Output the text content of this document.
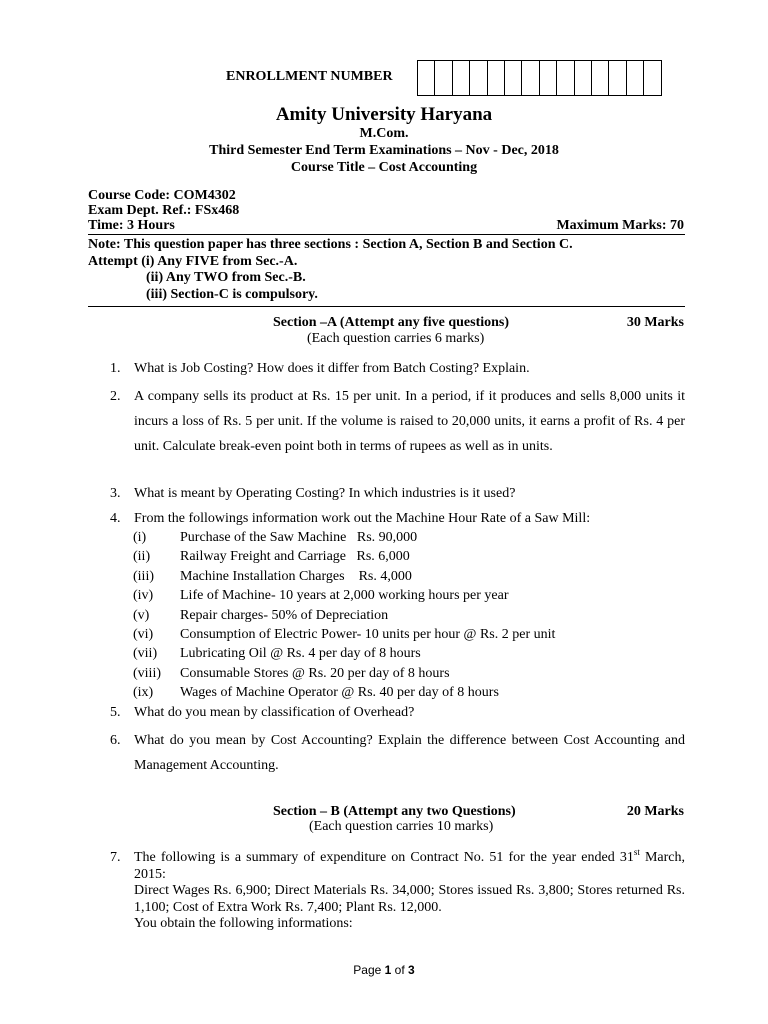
ENROLLMENT NUMBER
Amity University Haryana
M.Com.
Third Semester End Term Examinations – Nov - Dec, 2018
Course Title – Cost Accounting
Course Code: COM4302
Exam Dept. Ref.: FSx468
Time: 3 Hours	Maximum Marks: 70
Note: This question paper has three sections : Section A, Section B and Section C.
Attempt (i) Any FIVE from Sec.-A.
(ii) Any TWO from Sec.-B.
(iii) Section-C is compulsory.
Section –A (Attempt any five questions)	30 Marks
(Each question carries 6 marks)
1. What is Job Costing? How does it differ from Batch Costing? Explain.
2. A company sells its product at Rs. 15 per unit. In a period, if it produces and sells 8,000 units it incurs a loss of Rs. 5 per unit. If the volume is raised to 20,000 units, it earns a profit of Rs. 4 per unit. Calculate break-even point both in terms of rupees as well as in units.
3. What is meant by Operating Costing? In which industries is it used?
4. From the followings information work out the Machine Hour Rate of a Saw Mill:
(i) Purchase of the Saw Machine   Rs. 90,000
(ii) Railway Freight and Carriage   Rs. 6,000
(iii) Machine Installation Charges    Rs. 4,000
(iv) Life of Machine- 10 years at 2,000 working hours per year
(v) Repair charges- 50% of Depreciation
(vi) Consumption of Electric Power- 10 units per hour @ Rs. 2 per unit
(vii) Lubricating Oil @ Rs. 4 per day of 8 hours
(viii) Consumable Stores @ Rs. 20 per day of 8 hours
(ix) Wages of Machine Operator @ Rs. 40 per day of 8 hours
5. What do you mean by classification of Overhead?
6. What do you mean by Cost Accounting? Explain the difference between Cost Accounting and Management Accounting.
Section – B (Attempt any two Questions)	20 Marks
(Each question carries 10 marks)
7. The following is a summary of expenditure on Contract No. 51 for the year ended 31st March, 2015:
Direct Wages Rs. 6,900; Direct Materials Rs. 34,000; Stores issued Rs. 3,800; Stores returned Rs. 1,100; Cost of Extra Work Rs. 7,400; Plant Rs. 12,000.
You obtain the following informations:
Page 1 of 3
